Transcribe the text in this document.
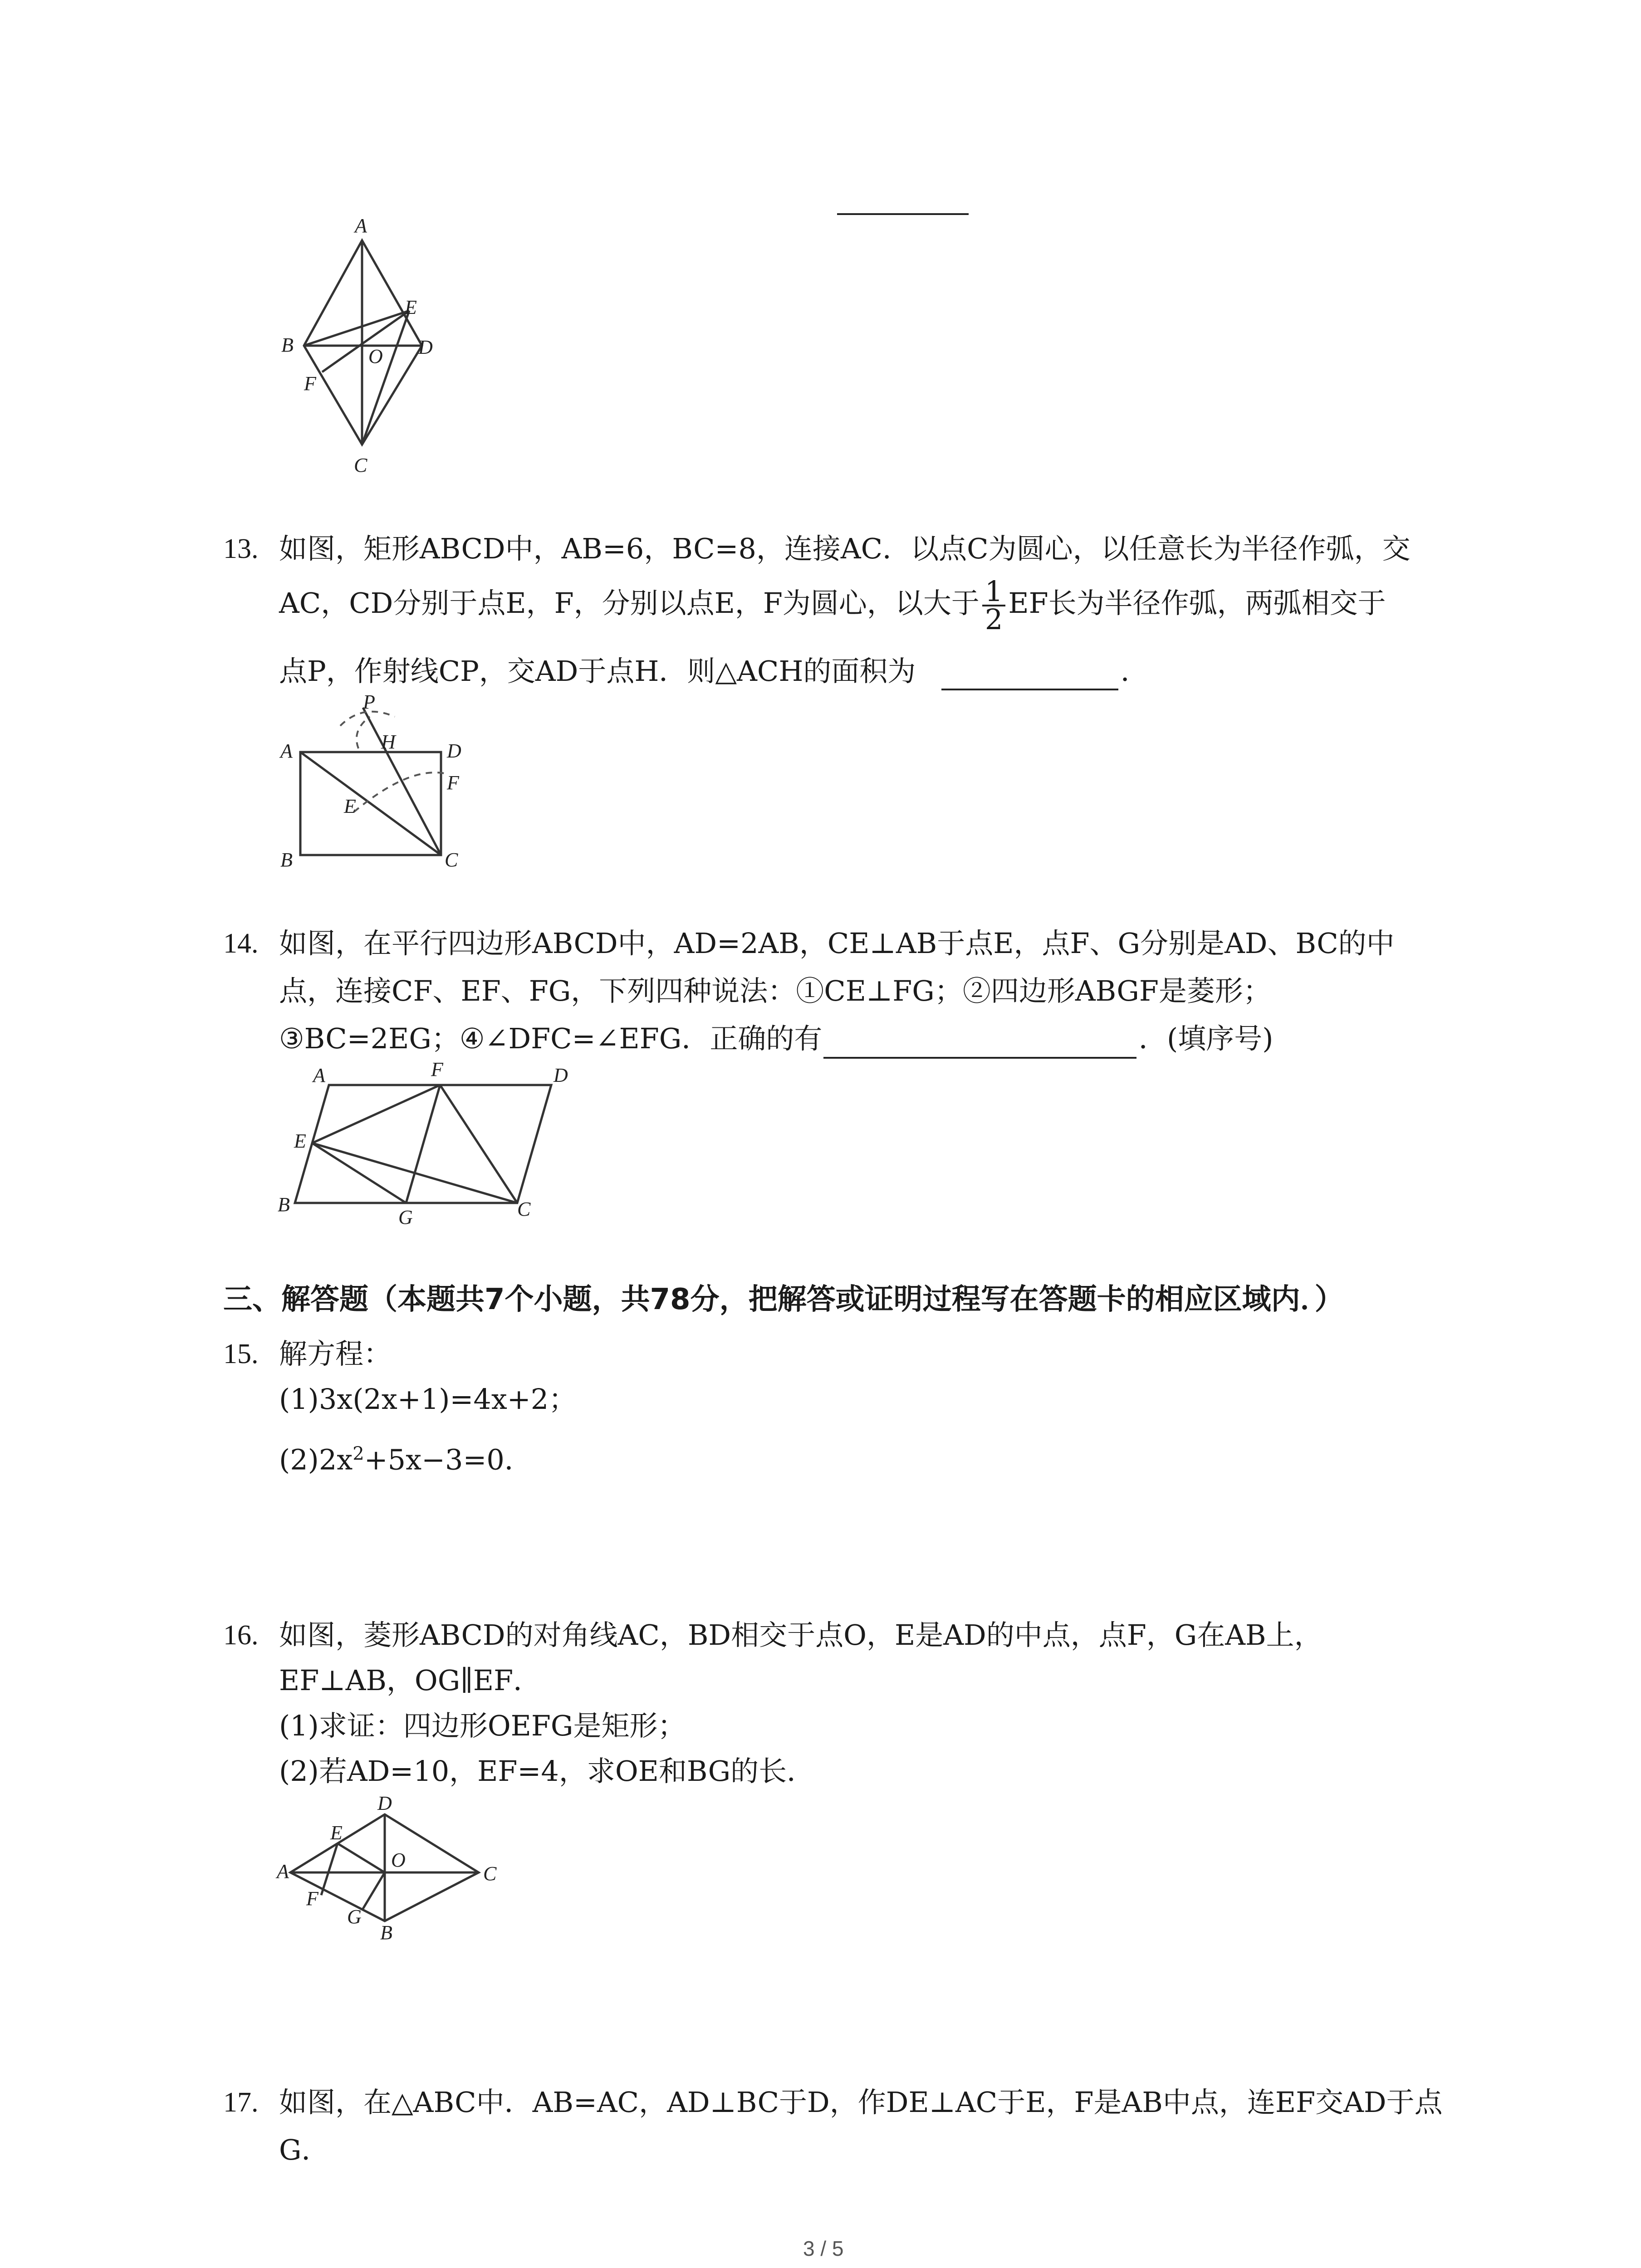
A
B
E
O D
F
C
13. 如图，矩形ABCD中，AB=6，BC=8，连接AC．以点C为圆心，以任意长为半径作弧，交
AC，CD分别于点E，F，分别以点E，F为圆心，以大于 $\frac{1}{2}$ EF长为半径作弧，两弧相交于
点P，作射线CP，交AD于点H．则△ACH的面积为	．
P
H
A	D
F
E
B	C
14. 如图，在平行四边形ABCD中，AD=2AB，CE⊥AB于点E，点F、G分别是AD、BC的中
点，连接CF、EF、FG，下列四种说法：①CE⊥FG；②四边形ABGF是菱形；
③BC=2EG；④∠DFC=∠EFG．正确的有	．(填序号)
A	F	D
E
B
G	C
三、解答题（本题共7个小题，共78分，把解答或证明过程写在答题卡的相应区域内．）
15. 解方程：
(1)3x(2x+1)=4x+2；
$(2)2x^2+5x-3=0$．
16. 如图，菱形ABCD的对角线AC，BD相交于点O，E是AD的中点，点F，G在AB上，
EF⊥AB，OG∥EF．
(1)求证：四边形OEFG是矩形；
(2)若AD=10，EF=4，求OE和BG的长．
D
E
A
O
C
F
G
B
17. 如图，在△ABC中．AB=AC，AD⊥BC于D，作DE⊥AC于E，F是AB中点，连EF交AD于点
G．
3 / 5
